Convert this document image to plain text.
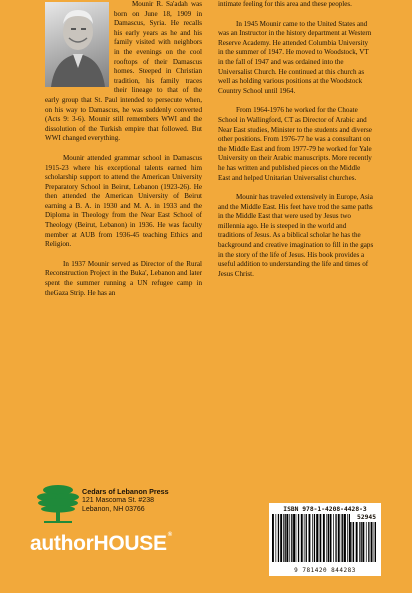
Mounir R. Sa'adah was born on June 18, 1909 in Damascus, Syria. He recalls his early years as he and his family visited with neighbors in the evenings on the cool rooftops of their Damascus homes. Steeped in Christian tradition, his family traces their lineage to that of the early group that St. Paul intended to persecute when, on his way to Damascus, he was suddenly converted (Acts 9: 3-6). Mounir still remembers WWI and the dissolution of the Turkish empire that followed. But WWI changed everything.

Mounir attended grammar school in Damascus 1915-23 where his exceptional talents earned him scholarship support to attend the American University Preparatory School in Beirut, Lebanon (1923-26). He then attended the American University of Beirut earning a B. A. in 1930 and M. A. in 1933 and the Diploma in Theology from the Near East School of Theology (Beirut, Lebanon) in 1936. He was faculty member at AUB from 1936-45 teaching Ethics and Religion.

In 1937 Mounir served as Director of the Rural Reconstruction Project in the Buka', Lebanon and later spent the summer running a UN refugee camp in theGaza Strip. He has an

intimate feeling for this area and these peoples.

In 1945 Mounir came to the United States and was an Instructor in the history department at Western Reserve Academy. He attended Columbia University in the summer of 1947. He moved to Woodstock, VT in the fall of 1947 and was ordained into the Universalist Church. He continued at this church as well as holding various positions at the Woodstock Country School until 1964.

From 1964-1976 he worked for the Choate School in Wallingford, CT as Director of Arabic and Near East studies, Minister to the students and diverse other positions. From 1976-77 he was a consultant on the Middle East and from 1977-79 he worked for Yale University on their Arabic manuscripts. More recently he has written and published pieces on the Middle East and helped Unitarian Universalist churches.

Mounir has traveled extensively in Europe, Asia and the Middle East. His feet have trod the same paths in the Middle East that were used by Jesus two millennia ago. He is steeped in the world and traditions of Jesus. As a biblical scholar he has the background and creative imagination to fill in the gaps in the story of the life of Jesus. His book provides a useful addition to understanding the life and times of Jesus Christ.

Cedars of Lebanon Press
121 Mascoma St. #238
Lebanon, NH 03766
authorHOUSE®
ISBN 978-1-4208-4428-3
52945
9 781420 844283
